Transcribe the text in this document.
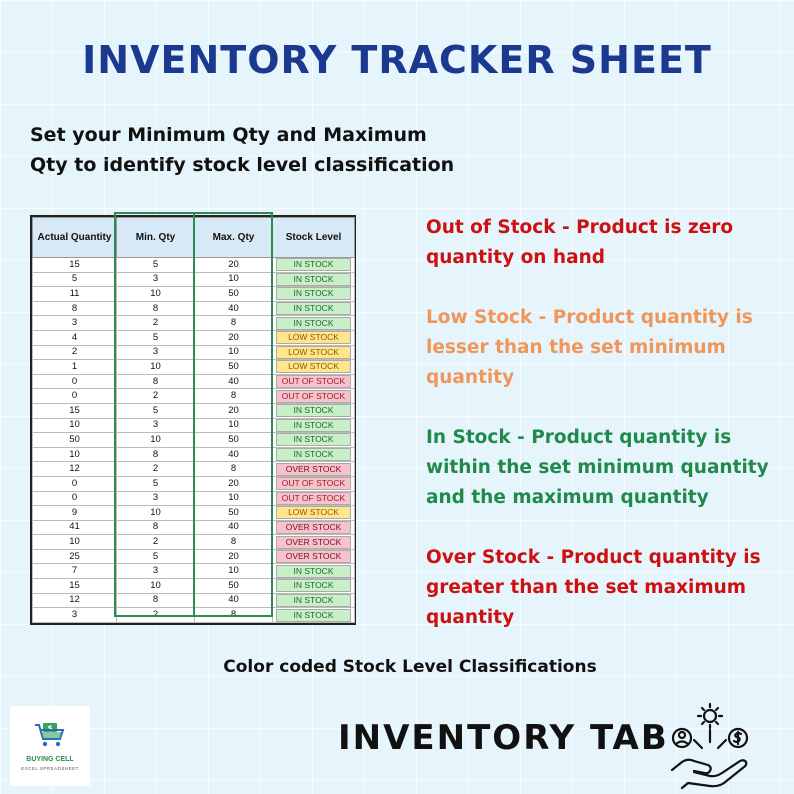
INVENTORY TRACKER SHEET
Set your Minimum Qty and Maximum
Qty to identify stock level classification
Actual Quantity	Min. Qty	Max. Qty	Stock Level
15	5	20	IN STOCK

5	3	10	IN STOCK

11	10	50	IN STOCK

8	8	40	IN STOCK

3	2	8	IN STOCK

4	5	20	LOW STOCK

2	3	10	LOW STOCK

1	10	50	LOW STOCK

0	8	40	OUT OF STOCK

0	2	8	OUT OF STOCK

15	5	20	IN STOCK

10	3	10	IN STOCK

50	10	50	IN STOCK

10	8	40	IN STOCK

12	2	8	OVER STOCK

0	5	20	OUT OF STOCK

0	3	10	OUT OF STOCK

9	10	50	LOW STOCK

41	8	40	OVER STOCK

10	2	8	OVER STOCK

25	5	20	OVER STOCK

7	3	10	IN STOCK

15	10	50	IN STOCK

12	8	40	IN STOCK

3	2	8	IN STOCK
Out of Stock - Product is zero quantity on hand
Low Stock - Product quantity is lesser than the set minimum quantity
In Stock - Product quantity is within the set minimum quantity and the maximum quantity
Over Stock - Product quantity is greater than the set maximum quantity
Color coded Stock Level Classifications
$
BUYING CELL
EXCEL SPREADSHEET
INVENTORY TAB
